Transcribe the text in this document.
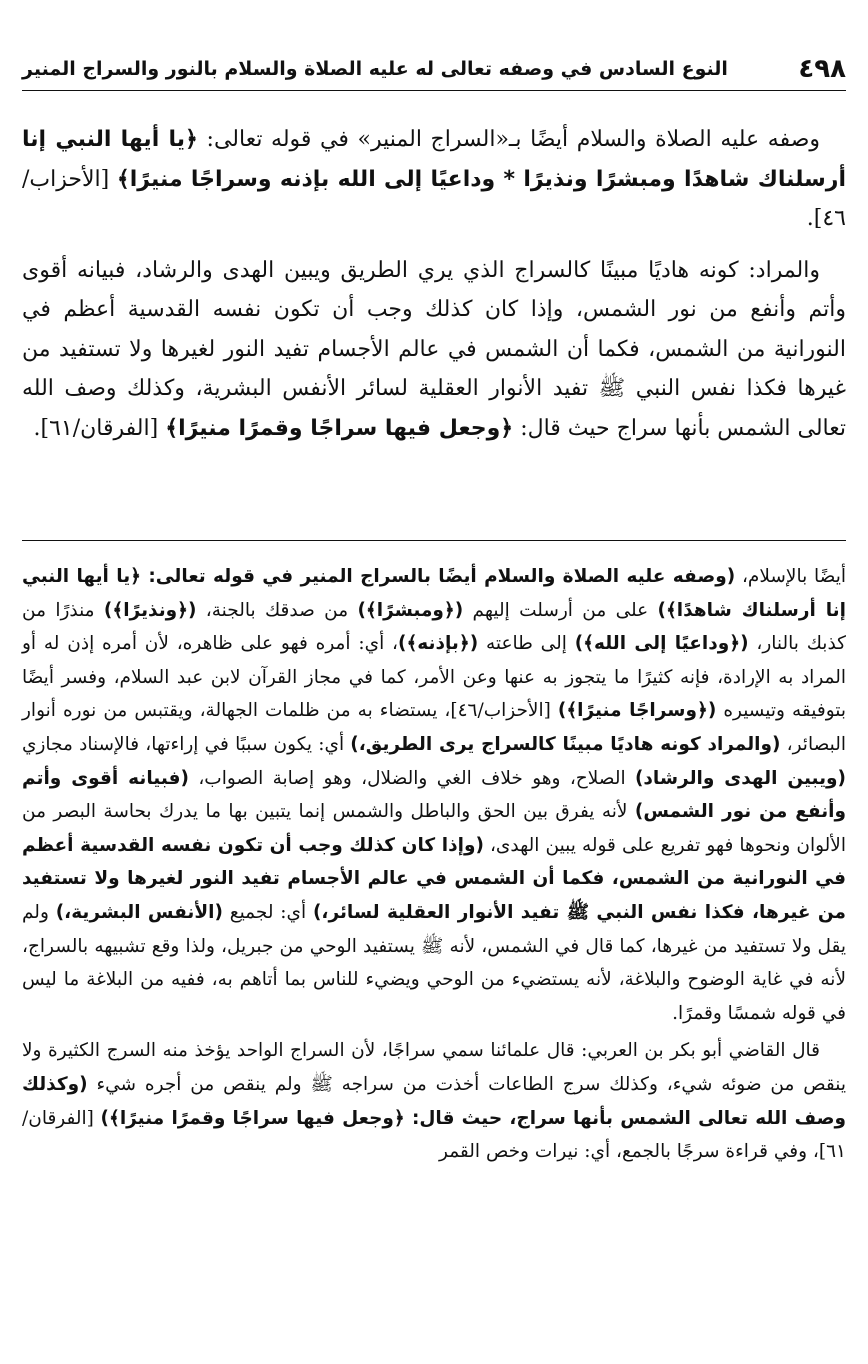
٤٩٨
النوع السادس في وصفه تعالى له عليه الصلاة والسلام بالنور والسراج المنير

وصفه عليه الصلاة والسلام أيضًا بـ«السراج المنير» في قوله تعالى: ﴿يا أيها النبي إنا أرسلناك شاهدًا ومبشرًا ونذيرًا * وداعيًا إلى الله بإذنه وسراجًا منيرًا﴾ [الأحزاب/٤٦].

والمراد: كونه هاديًا مبينًا كالسراج الذي يري الطريق ويبين الهدى والرشاد، فبيانه أقوى وأتم وأنفع من نور الشمس، وإذا كان كذلك وجب أن تكون نفسه القدسية أعظم في النورانية من الشمس، فكما أن الشمس في عالم الأجسام تفيد النور لغيرها ولا تستفيد من غيرها فكذا نفس النبي ﷺ تفيد الأنوار العقلية لسائر الأنفس البشرية، وكذلك وصف الله تعالى الشمس بأنها سراج حيث قال: ﴿وجعل فيها سراجًا وقمرًا منيرًا﴾ [الفرقان/٦١].

أيضًا بالإسلام، (وصفه عليه الصلاة والسلام أيضًا بالسراج المنير في قوله تعالى: ﴿يا أيها النبي إنا أرسلناك شاهدًا﴾) على من أرسلت إليهم (﴿ومبشرًا﴾) من صدقك بالجنة، (﴿ونذيرًا﴾) منذرًا من كذبك بالنار، (﴿وداعيًا إلى الله﴾) إلى طاعته (﴿بإذنه﴾)، أي: أمره فهو على ظاهره، لأن أمره إذن له أو المراد به الإرادة، فإنه كثيرًا ما يتجوز به عنها وعن الأمر، كما في مجاز القرآن لابن عبد السلام، وفسر أيضًا بتوفيقه وتيسيره (﴿وسراجًا منيرًا﴾) [الأحزاب/٤٦]، يستضاء به من ظلمات الجهالة، ويقتبس من نوره أنوار البصائر، (والمراد كونه هاديًا مبينًا كالسراج يرى الطريق،) أي: يكون سببًا في إراءتها، فالإسناد مجازي (ويبين الهدى والرشاد) الصلاح، وهو خلاف الغي والضلال، وهو إصابة الصواب، (فبيانه أقوى وأتم وأنفع من نور الشمس) لأنه يفرق بين الحق والباطل والشمس إنما يتبين بها ما يدرك بحاسة البصر من الألوان ونحوها فهو تفريع على قوله يبين الهدى، (وإذا كان كذلك وجب أن تكون نفسه القدسية أعظم في النورانية من الشمس، فكما أن الشمس في عالم الأجسام تفيد النور لغيرها ولا تستفيد من غيرها، فكذا نفس النبي ﷺ تفيد الأنوار العقلية لسائر،) أي: لجميع (الأنفس البشرية،) ولم يقل ولا تستفيد من غيرها، كما قال في الشمس، لأنه ﷺ يستفيد الوحي من جبريل، ولذا وقع تشبيهه بالسراج، لأنه في غاية الوضوح والبلاغة، لأنه يستضيء من الوحي ويضيء للناس بما أتاهم به، ففيه من البلاغة ما ليس في قوله شمسًا وقمرًا.

قال القاضي أبو بكر بن العربي: قال علمائنا سمي سراجًا، لأن السراج الواحد يؤخذ منه السرج الكثيرة ولا ينقص من ضوئه شيء، وكذلك سرج الطاعات أخذت من سراجه ﷺ ولم ينقص من أجره شيء (وكذلك وصف الله تعالى الشمس بأنها سراج، حيث قال: ﴿وجعل فيها سراجًا وقمرًا منيرًا﴾) [الفرقان/٦١]، وفي قراءة سرجًا بالجمع، أي: نيرات وخص القمر
